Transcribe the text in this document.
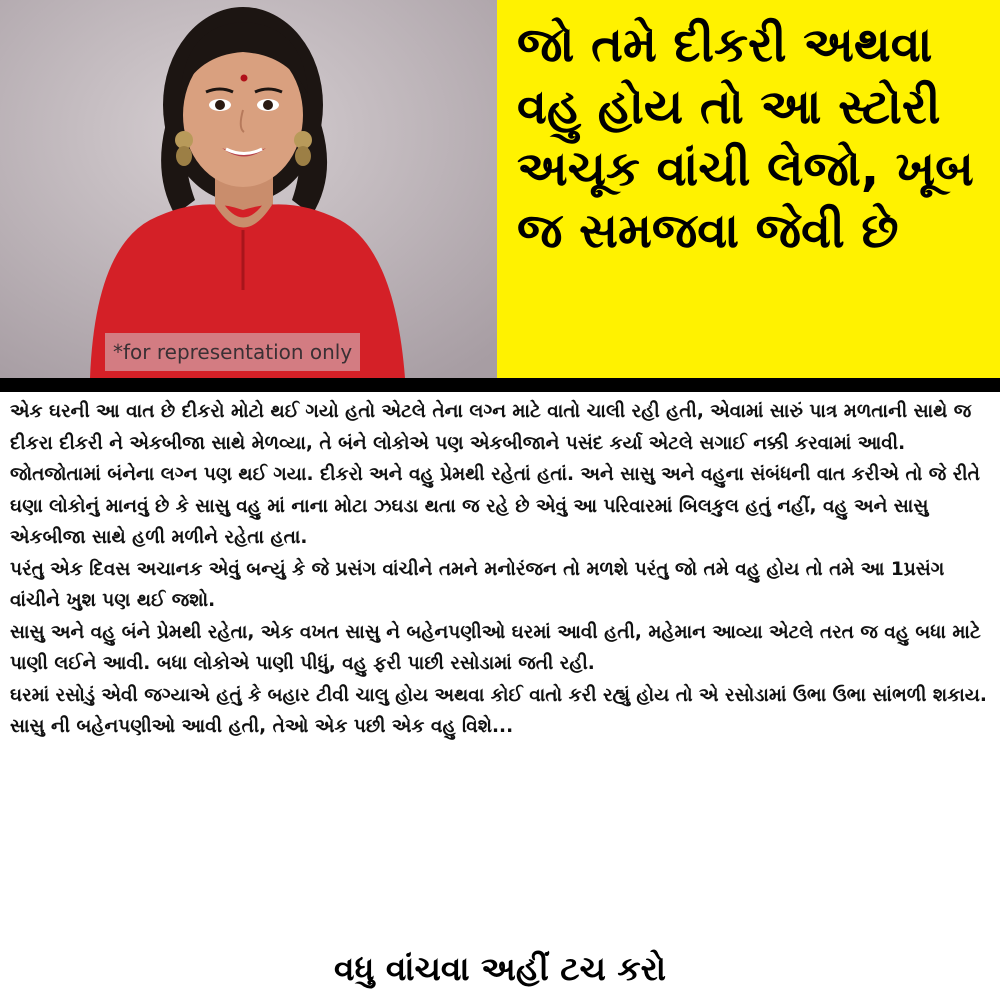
*for representation only
જો તમે દીકરી અથવા વહુ હોય તો આ સ્ટોરી અચૂક વાંચી લેજો, ખૂબ જ સમજવા જેવી છે

એક ઘરની આ વાત છે દીકરો મોટો થઈ ગયો હતો એટલે તેના લગ્ન માટે વાતો ચાલી રહી હતી, એવામાં સારું પાત્ર મળતાની સાથે જ દીકરા દીકરી ને એકબીજા સાથે મેળવ્યા, તે બંને લોકોએ પણ એકબીજાને પસંદ કર્યા એટલે સગાઈ નક્કી કરવામાં આવી.

જોતજોતામાં બંનેના લગ્ન પણ થઈ ગયા. દીકરો અને વહુ પ્રેમથી રહેતાં હતાં. અને સાસુ અને વહુના સંબંધની વાત કરીએ તો જે રીતે ઘણા લોકોનું માનવું છે કે સાસુ વહુ માં નાના મોટા ઝઘડા થતા જ રહે છે એવું આ પરિવારમાં બિલકુલ હતું નહીં, વહુ અને સાસુ એકબીજા સાથે હળી મળીને રહેતા હતા.

પરંતુ એક દિવસ અચાનક એવું બન્યું કે જે પ્રસંગ વાંચીને તમને મનોરંજન તો મળશે પરંતુ જો તમે વહુ હોય તો તમે આ 1પ્રસંગ વાંચીને ખુશ પણ થઈ જશો.

સાસુ અને વહુ બંને પ્રેમથી રહેતા, એક વખત સાસુ ને બહેનપણીઓ ઘરમાં આવી હતી, મહેમાન આવ્યા એટલે તરત જ વહુ બધા માટે પાણી લઈને આવી. બધા લોકોએ પાણી પીધું, વહુ ફરી પાછી રસોડામાં જતી રહી.

ઘરમાં રસોડું એવી જગ્યાએ હતું કે બહાર ટીવી ચાલુ હોય અથવા કોઈ વાતો કરી રહ્યું હોય તો એ રસોડામાં ઉભા ઉભા સાંભળી શકાય. સાસુ ની બહેનપણીઓ આવી હતી, તેઓ એક પછી એક વહુ વિશે...

વધુ વાંચવા અહીં ટચ કરો
